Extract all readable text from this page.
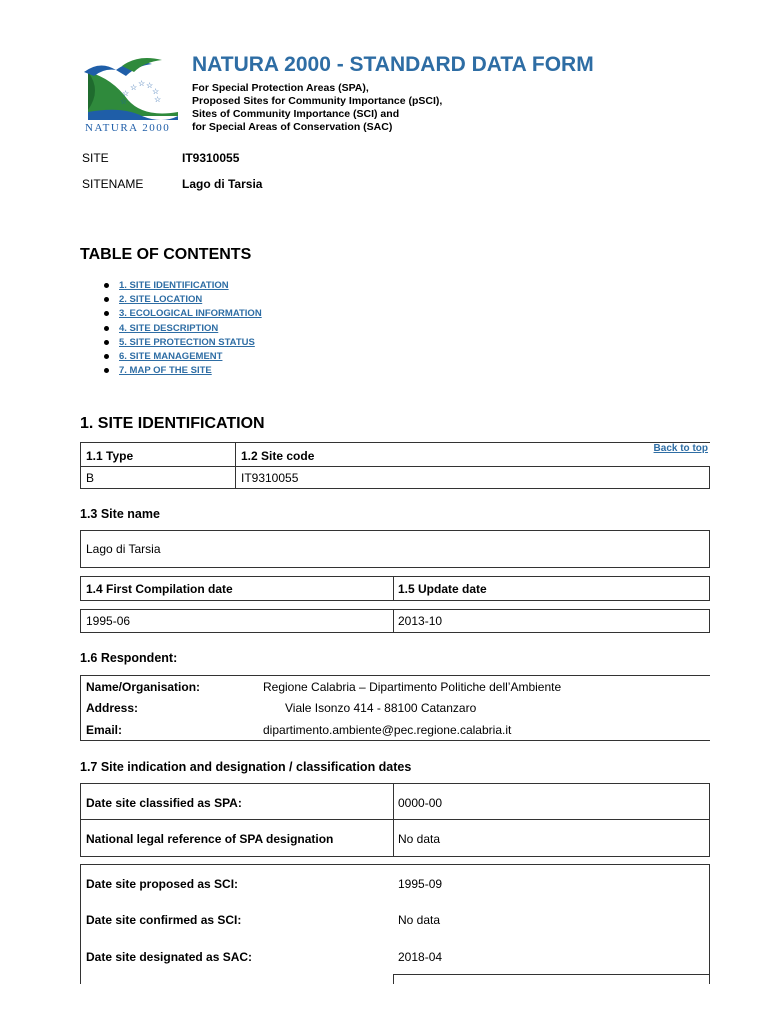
☆
☆ ☆ ☆
☆
☆
☆
NATURA 2000
NATURA 2000 - STANDARD DATA FORM
For Special Protection Areas (SPA),
Proposed Sites for Community Importance (pSCI),
Sites of Community Importance (SCI) and
for Special Areas of Conservation (SAC)
SITE	IT9310055
SITENAME	Lago di Tarsia
TABLE OF CONTENTS
1. SITE IDENTIFICATION
2. SITE LOCATION
3. ECOLOGICAL INFORMATION
4. SITE DESCRIPTION
5. SITE PROTECTION STATUS
6. SITE MANAGEMENT
7. MAP OF THE SITE
1. SITE IDENTIFICATION
Back to top
1.1 Type	1.2 Site code
B	IT9310055
1.3 Site name
Lago di Tarsia
1.4 First Compilation date	1.5 Update date
1995-06	2013-10
1.6 Respondent:
Name/Organisation:	Regione Calabria – Dipartimento Politiche dell’Ambiente
Address:	Viale Isonzo 414 - 88100 Catanzaro
Email:	dipartimento.ambiente@pec.regione.calabria.it
1.7 Site indication and designation / classification dates
Date site classified as SPA:	0000-00
National legal reference of SPA designation	No data
Date site proposed as SCI:	1995-09
Date site confirmed as SCI:	No data
Date site designated as SAC:	2018-04
